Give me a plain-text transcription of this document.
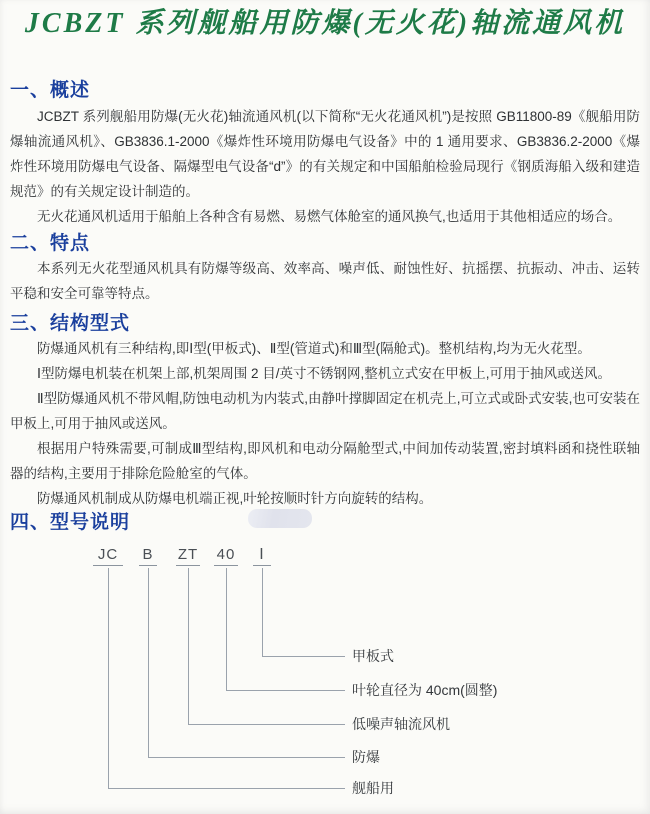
JCBZT 系列舰船用防爆(无火花)轴流通风机
一、概述

JCBZT 系列舰船用防爆(无火花)轴流通风机(以下简称“无火花通风机”)是按照 GB11800-89《舰船用防爆轴流通风机》、GB3836.1-2000《爆炸性环境用防爆电气设备》中的 1 通用要求、GB3836.2-2000《爆炸性环境用防爆电气设备、隔爆型电气设备“d”》的有关规定和中国船舶检验局现行《钢质海船入级和建造规范》的有关规定设计制造的。

无火花通风机适用于船舶上各种含有易燃、易燃气体舱室的通风换气,也适用于其他相适应的场合。

二、特点

本系列无火花型通风机具有防爆等级高、效率高、噪声低、耐蚀性好、抗摇摆、抗振动、冲击、运转平稳和安全可靠等特点。

三、结构型式

防爆通风机有三种结构,即Ⅰ型(甲板式)、Ⅱ型(管道式)和Ⅲ型(隔舱式)。整机结构,均为无火花型。

Ⅰ型防爆电机装在机架上部,机架周围 2 目/英寸不锈钢网,整机立式安在甲板上,可用于抽风或送风。

Ⅱ型防爆通风机不带风帽,防蚀电动机为内装式,由静叶撑脚固定在机壳上,可立式或卧式安装,也可安装在甲板上,可用于抽风或送风。

根据用户特殊需要,可制成Ⅲ型结构,即风机和电动分隔舱型式,中间加传动装置,密封填料函和挠性联轴器的结构,主要用于排除危险舱室的气体。

防爆通风机制成从防爆电机端正视,叶轮按顺时针方向旋转的结构。

四、型号说明
JC	B ZT 40	Ⅰ
甲板式
叶轮直径为 40cm(圆整)
低噪声轴流风机
防爆
舰船用
